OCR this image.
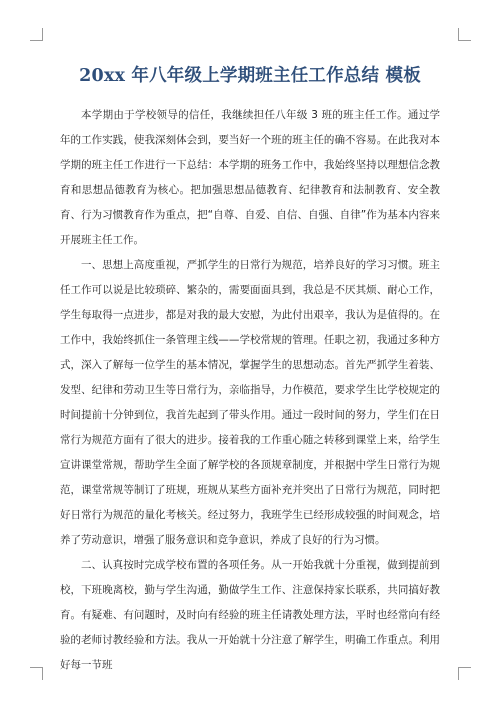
20xx 年八年级上学期班主任工作总结 模板

本学期由于学校领导的信任，我继续担任八年级 3 班的班主任工作。通过学年的工作实践，使我深刻体会到，要当好一个班的班主任的确不容易。在此我对本学期的班主任工作进行一下总结：本学期的班务工作中，我始终坚持以理想信念教育和思想品德教育为核心。把加强思想品德教育、纪律教育和法制教育、安全教育、行为习惯教育作为重点，把“自尊、自爱、自信、自强、自律”作为基本内容来开展班主任工作。

一、思想上高度重视，严抓学生的日常行为规范，培养良好的学习习惯。班主任工作可以说是比较琐碎、繁杂的，需要面面具到，我总是不厌其烦、耐心工作，学生每取得一点进步，都是对我的最大安慰，为此付出艰辛，我认为是值得的。在工作中，我始终抓住一条管理主线——学校常规的管理。任职之初，我通过多种方式，深入了解每一位学生的基本情况，掌握学生的思想动态。首先严抓学生着装、发型、纪律和劳动卫生等日常行为，亲临指导，力作模范，要求学生比学校规定的时间提前十分钟到位，我首先起到了带头作用。通过一段时间的努力，学生们在日常行为规范方面有了很大的进步。接着我的工作重心随之转移到课堂上来，给学生宣讲课堂常规，帮助学生全面了解学校的各顶规章制度，并根据中学生日常行为规范，课堂常规等制订了班规，班规从某些方面补充并突出了日常行为规范，同时把好日常行为规范的量化考核关。经过努力，我班学生已经形成较强的时间观念，培养了劳动意识，增强了服务意识和竞争意识，养成了良好的行为习惯。

二、认真按时完成学校布置的各项任务。从一开始我就十分重视，做到提前到校，下班晚离校，勤与学生沟通，勤做学生工作、注意保持家长联系，共同搞好教育。有疑难、有问题时，及时向有经验的班主任请教处理方法，平时也经常向有经验的老师讨教经验和方法。我从一开始就十分注意了解学生，明确工作重点。利用好每一节班
